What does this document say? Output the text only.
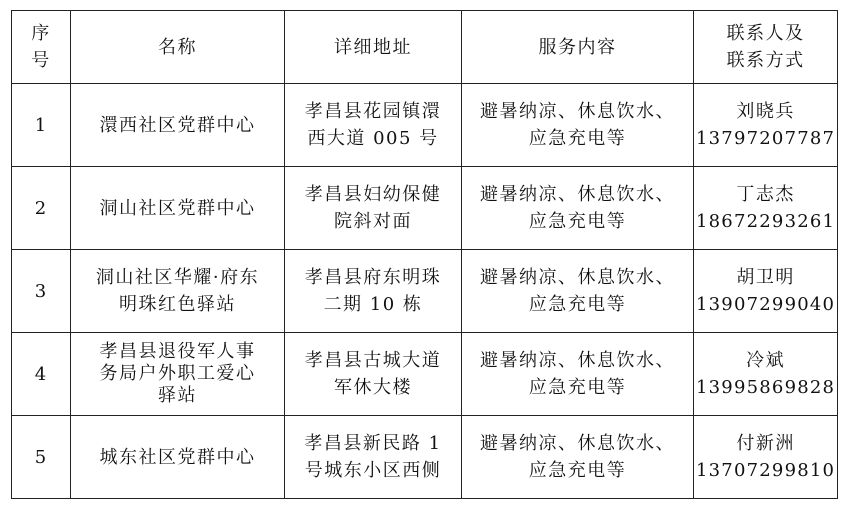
序
号	名称	详细地址	服务内容	联系人及
联系方式

1	澴西社区党群中心	孝昌县花园镇澴
西大道 005 号	避暑纳凉、休息饮水、
应急充电等	刘晓兵
13797207787

2	洞山社区党群中心	孝昌县妇幼保健
院斜对面	避暑纳凉、休息饮水、
应急充电等	丁志杰
18672293261

3	洞山社区华耀·府东
明珠红色驿站	孝昌县府东明珠
二期 10 栋	避暑纳凉、休息饮水、
应急充电等	胡卫明
13907299040

4	孝昌县退役军人事
务局户外职工爱心
驿站	孝昌县古城大道
军休大楼	避暑纳凉、休息饮水、
应急充电等	冷斌
13995869828

5	城东社区党群中心	孝昌县新民路 1
号城东小区西侧	避暑纳凉、休息饮水、
应急充电等	付新洲
13707299810
